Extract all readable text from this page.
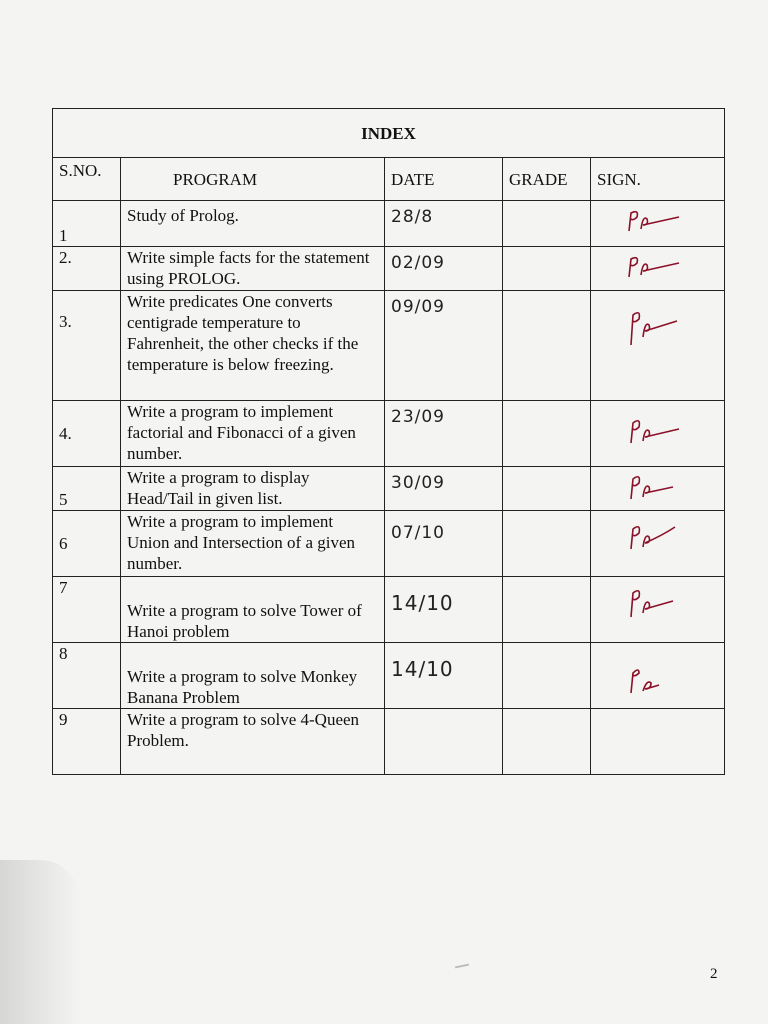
INDEX				
S.NO.	PROGRAM	DATE	GRADE	SIGN.
1	Study of Prolog.	28/8		

2.	Write simple facts for the statement using PROLOG.	02/09		

3.	Write predicates One converts centigrade temperature to Fahrenheit, the other checks if the temperature is below freezing.	09/09		

4.	Write a program to implement factorial and Fibonacci of a given number.	23/09		

5	Write a program to display Head/Tail in given list.	30/09		

6	Write a program to implement Union and Intersection of a given number.	07/10		

7	Write a program to solve Tower of Hanoi problem	14/10		

8	Write a program to solve Monkey Banana Problem	14/10		

9	Write a program to solve 4-Queen Problem.			
2
